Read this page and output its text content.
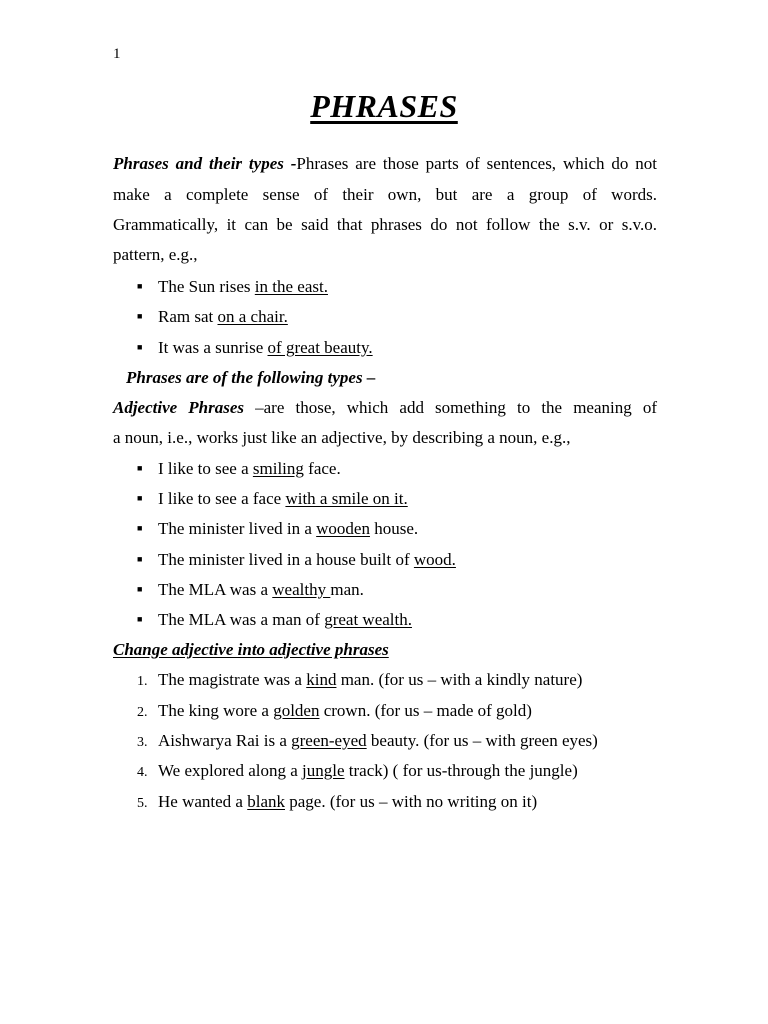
1
PHRASES
Phrases and their types -Phrases are those parts of sentences, which do not
make a complete sense of their own, but are a group of words.
Grammatically, it can be said that phrases do not follow the s.v. or s.v.o.
pattern, e.g.,
■ The Sun rises in the east.
■ Ram sat on a chair.
■ It was a sunrise of great beauty.
Phrases are of the following types –
Adjective Phrases –are those, which add something to the meaning of
a noun, i.e., works just like an adjective, by describing a noun, e.g.,
■ I like to see a smiling face.
■ I like to see a face with a smile on it.
■ The minister lived in a wooden house.
■ The minister lived in a house built of wood.
■ The MLA was a wealthy man.
■ The MLA was a man of great wealth.
Change adjective into adjective phrases
1. The magistrate was a kind man. (for us – with a kindly nature)
2. The king wore a golden crown. (for us – made of gold)
3. Aishwarya Rai is a green-eyed beauty. (for us – with green eyes)
4. We explored along a jungle track) ( for us-through the jungle)
5. He wanted a blank page. (for us – with no writing on it)
